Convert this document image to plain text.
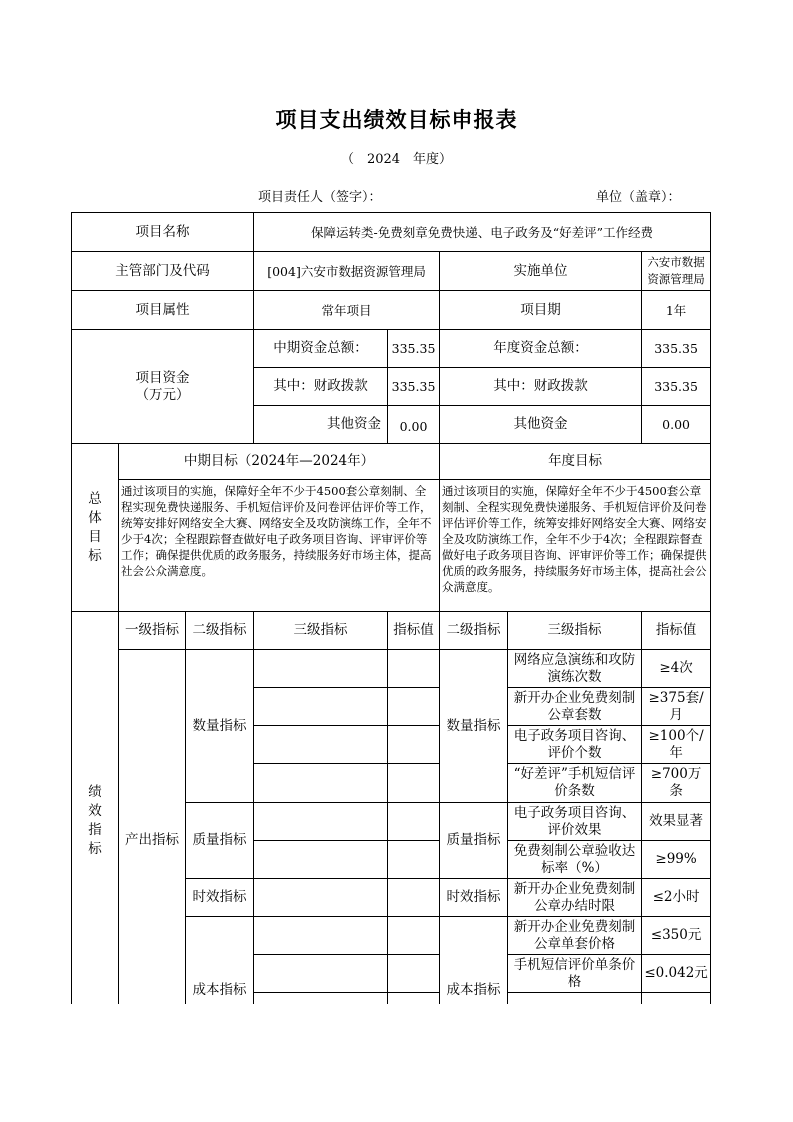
项目支出绩效目标申报表
（　2024　年度）
项目责任人（签字）：	单位（盖章）：
项目名称			保障运转类-免费刻章免费快递、电子政务及“好差评”工作经费				
主管部门及代码			[004]六安市数据资源管理局		实施单位		六安市数据资源管理局
项目属性			常年项目		项目期		1年
项目资金
（万元）			中期资金总额：	335.35	年度资金总额：		335.35
			其中：财政拨款	335.35	其中：财政拨款		335.35
			其他资金	0.00	其他资金		0.00
总体目标	中期目标（2024年—2024年）				年度目标		
	通过该项目的实施，保障好全年不少于4500套公章刻制、全程实现免费快递服务、手机短信评价及问卷评估评价等工作，统筹安排好网络安全大赛、网络安全及攻防演练工作，全年不少于4次；全程跟踪督查做好电子政务项目咨询、评审评价等工作；确保提供优质的政务服务，持续服务好市场主体，提高社会公众满意度。				通过该项目的实施，保障好全年不少于4500套公章刻制、全程实现免费快递服务、手机短信评价及问卷评估评价等工作，统筹安排好网络安全大赛、网络安全及攻防演练工作，全年不少于4次；全程跟踪督查做好电子政务项目咨询、评审评价等工作；确保提供优质的政务服务，持续服务好市场主体，提高社会公众满意度。		
绩效指标	一级指标	二级指标	三级指标	指标值	二级指标	三级指标	指标值
	产出指标	数量指标			数量指标	网络应急演练和攻防演练次数	≥4次
						新开办企业免费刻制公章套数	≥375套/月
						电子政务项目咨询、评价个数	≥100个/年
						“好差评”手机短信评价条数	≥700万条
		质量指标			质量指标	电子政务项目咨询、评价效果	效果显著
						免费刻制公章验收达标率（%）	≥99%
		时效指标			时效指标	新开办企业免费刻制公章办结时限	≤2小时
		成本指标			成本指标	新开办企业免费刻制公章单套价格	≤350元
						手机短信评价单条价格	≤0.042元
